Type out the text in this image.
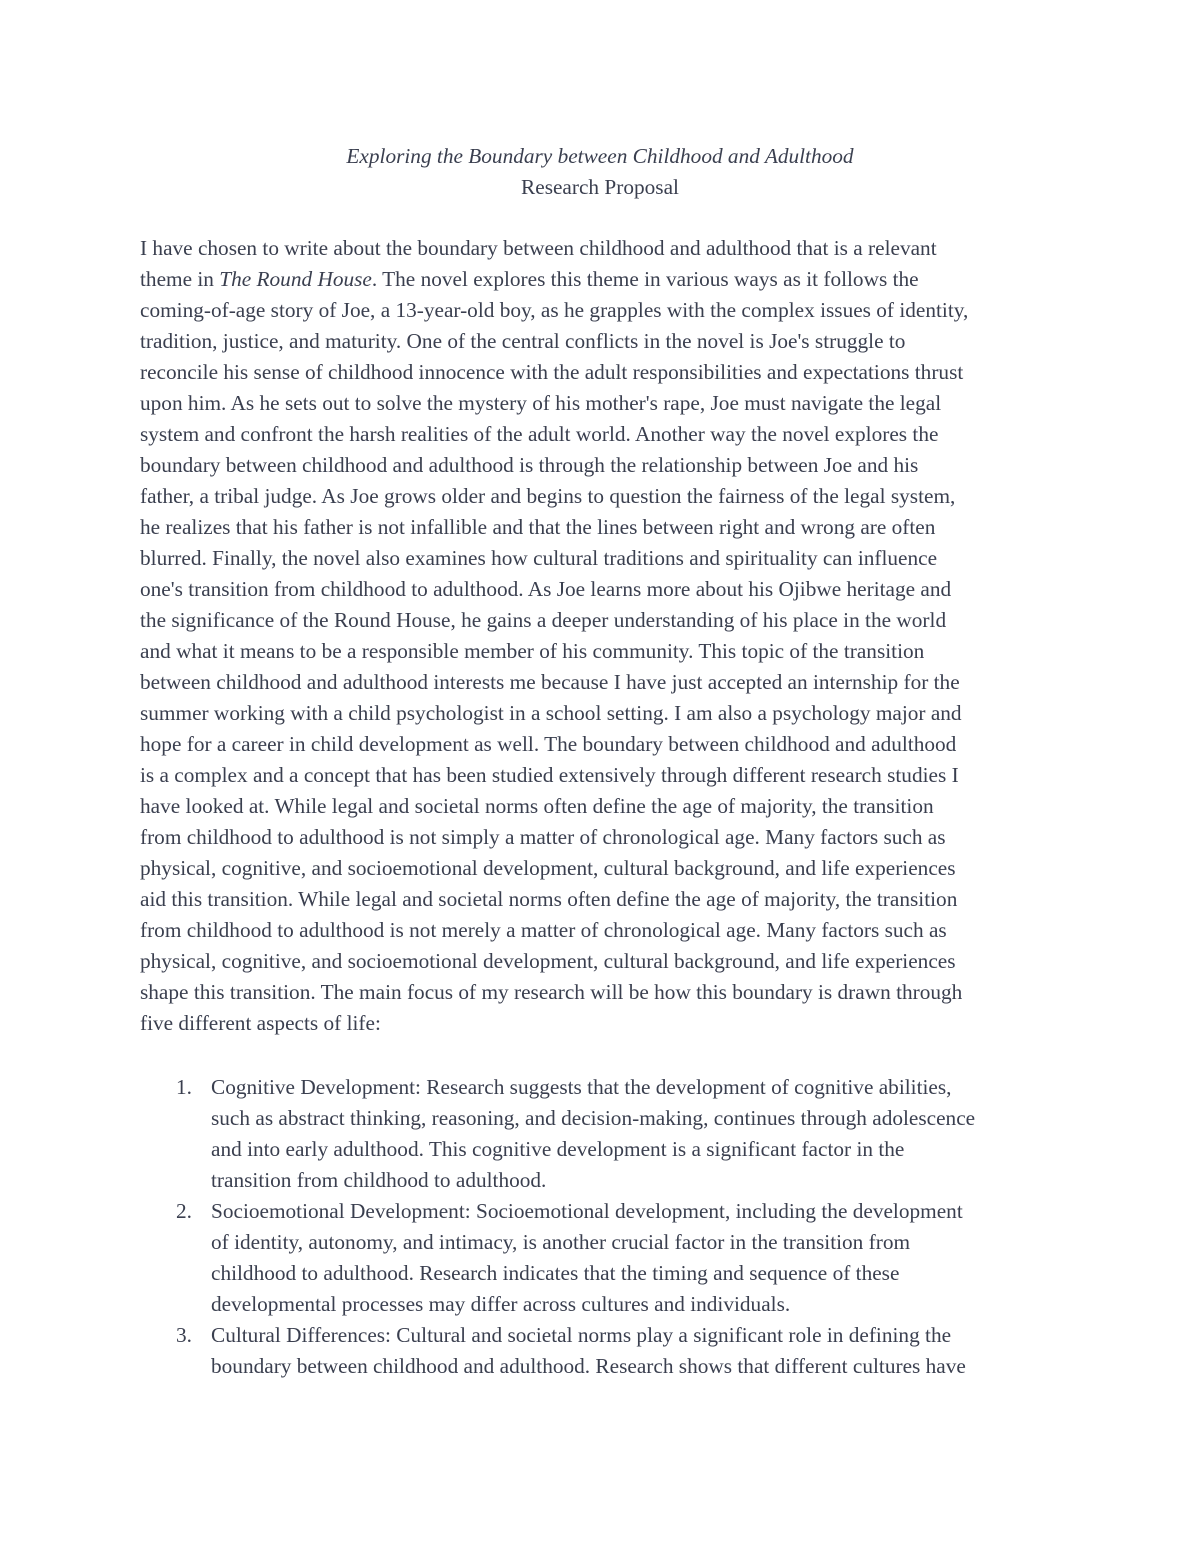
Exploring the Boundary between Childhood and Adulthood
Research Proposal
I have chosen to write about the boundary between childhood and adulthood that is a relevant
theme in The Round House. The novel explores this theme in various ways as it follows the
coming-of-age story of Joe, a 13-year-old boy, as he grapples with the complex issues of identity,
tradition, justice, and maturity. One of the central conflicts in the novel is Joe's struggle to
reconcile his sense of childhood innocence with the adult responsibilities and expectations thrust
upon him. As he sets out to solve the mystery of his mother's rape, Joe must navigate the legal
system and confront the harsh realities of the adult world. Another way the novel explores the
boundary between childhood and adulthood is through the relationship between Joe and his
father, a tribal judge. As Joe grows older and begins to question the fairness of the legal system,
he realizes that his father is not infallible and that the lines between right and wrong are often
blurred. Finally, the novel also examines how cultural traditions and spirituality can influence
one's transition from childhood to adulthood. As Joe learns more about his Ojibwe heritage and
the significance of the Round House, he gains a deeper understanding of his place in the world
and what it means to be a responsible member of his community. This topic of the transition
between childhood and adulthood interests me because I have just accepted an internship for the
summer working with a child psychologist in a school setting. I am also a psychology major and
hope for a career in child development as well. The boundary between childhood and adulthood
is a complex and a concept that has been studied extensively through different research studies I
have looked at. While legal and societal norms often define the age of majority, the transition
from childhood to adulthood is not simply a matter of chronological age. Many factors such as
physical, cognitive, and socioemotional development, cultural background, and life experiences
aid this transition. While legal and societal norms often define the age of majority, the transition
from childhood to adulthood is not merely a matter of chronological age. Many factors such as
physical, cognitive, and socioemotional development, cultural background, and life experiences
shape this transition. The main focus of my research will be how this boundary is drawn through
five different aspects of life:
1. Cognitive Development: Research suggests that the development of cognitive abilities,
such as abstract thinking, reasoning, and decision-making, continues through adolescence
and into early adulthood. This cognitive development is a significant factor in the
transition from childhood to adulthood.
2. Socioemotional Development: Socioemotional development, including the development
of identity, autonomy, and intimacy, is another crucial factor in the transition from
childhood to adulthood. Research indicates that the timing and sequence of these
developmental processes may differ across cultures and individuals.
3. Cultural Differences: Cultural and societal norms play a significant role in defining the
boundary between childhood and adulthood. Research shows that different cultures have
